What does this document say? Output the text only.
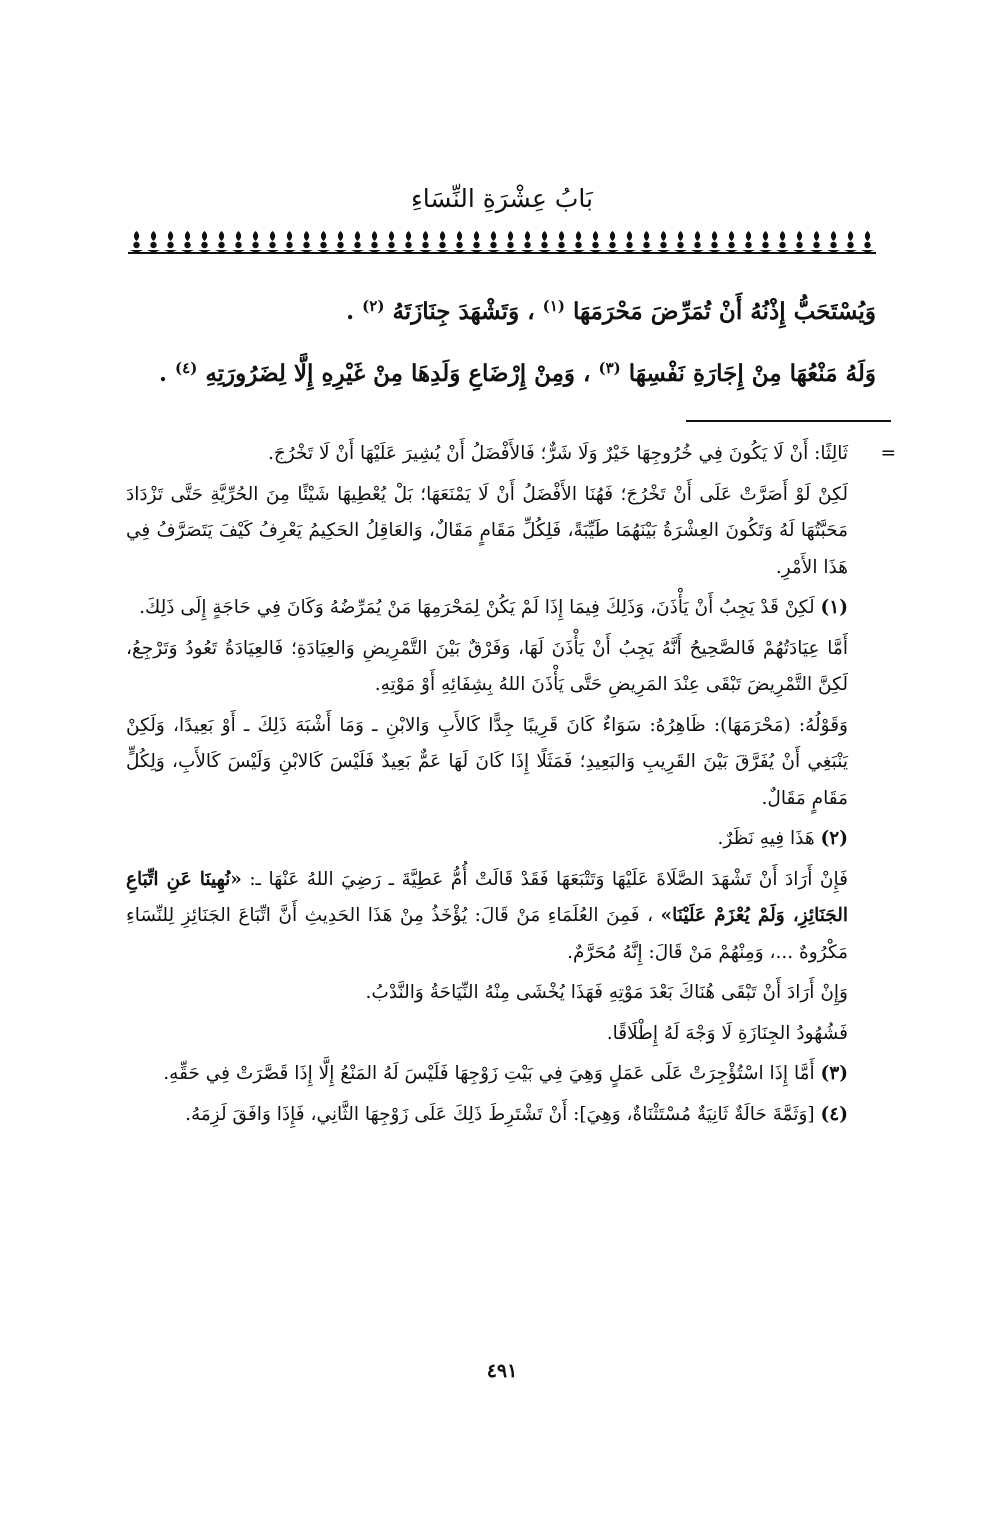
بَابُ عِشْرَةِ النِّسَاءِ
وَيُسْتَحَبُّ إِذْنُهُ أَنْ تُمَرِّضَ مَحْرَمَهَا $^{(١)}$ ، وَتَشْهَدَ جِنَازَتَهُ $^{(٢)}$ .
وَلَهُ مَنْعُهَا مِنْ إِجَارَةِ نَفْسِهَا $^{(٣)}$ ، وَمِنْ إِرْضَاعِ وَلَدِهَا مِنْ غَيْرِهِ إِلَّا لِضَرُورَتِهِ $^{(٤)}$ .

=
ثَالِثًا: أَنْ لَا يَكُونَ فِي خُرُوجِهَا خَيْرٌ وَلَا شَرٌّ؛ فَالأَفْضَلُ أَنْ يُشِيرَ عَلَيْهَا أَنْ لَا تَخْرُجَ.

لَكِنْ لَوْ أَصَرَّتْ عَلَى أَنْ تَخْرُجَ؛ فَهُنَا الأَفْضَلُ أَنْ لَا يَمْنَعَهَا؛ بَلْ يُعْطِيهَا شَيْئًا مِنَ الحُرِّيَّةِ حَتَّى تَزْدَادَ مَحَبَّتُهَا لَهُ وَتَكُونَ العِشْرَةُ بَيْنَهُمَا طَيِّبَةً، فَلِكُلِّ مَقَامٍ مَقَالٌ، وَالعَاقِلُ الحَكِيمُ يَعْرِفُ كَيْفَ يَتَصَرَّفُ فِي هَذَا الأَمْرِ.

(١) لَكِنْ قَدْ يَجِبُ أَنْ يَأْذَنَ، وَذَلِكَ فِيمَا إِذَا لَمْ يَكُنْ لِمَحْرَمِهَا مَنْ يُمَرِّضُهُ وَكَانَ فِي حَاجَةٍ إِلَى ذَلِكَ.

أَمَّا عِيَادَتُهُمْ فَالصَّحِيحُ أَنَّهُ يَجِبُ أَنْ يَأْذَنَ لَهَا، وَفَرْقٌ بَيْنَ التَّمْرِيضِ وَالعِيَادَةِ؛ فَالعِيَادَةُ تَعُودُ وَتَرْجِعُ، لَكِنَّ التَّمْرِيضَ تَبْقَى عِنْدَ المَرِيضِ حَتَّى يَأْذَنَ اللهُ بِشِفَائِهِ أَوْ مَوْتِهِ.

وَقَوْلُهُ: (مَحْرَمَهَا): ظَاهِرُهُ: سَوَاءٌ كَانَ قَرِيبًا جِدًّا كَالأَبِ وَالابْنِ ـ وَمَا أَشْبَهَ ذَلِكَ ـ أَوْ بَعِيدًا، وَلَكِنْ يَنْبَغِي أَنْ يُفَرَّقَ بَيْنَ القَرِيبِ وَالبَعِيدِ؛ فَمَثَلًا إِذَا كَانَ لَهَا عَمٌّ بَعِيدٌ فَلَيْسَ كَالابْنِ وَلَيْسَ كَالأَبِ، وَلِكُلٍّ مَقَامٍ مَقَالٌ.

(٢) هَذَا فِيهِ نَظَرٌ.

فَإِنْ أَرَادَ أَنْ تَشْهَدَ الصَّلَاةَ عَلَيْهَا وَتَتْبَعَهَا فَقَدْ قَالَتْ أُمُّ عَطِيَّةَ ـ رَضِيَ اللهُ عَنْهَا ـ: «نُهِينَا عَنِ اتِّبَاعِ الجَنَائِزِ، وَلَمْ يُعْزَمْ عَلَيْنَا» ، فَمِنَ العُلَمَاءِ مَنْ قَالَ: يُؤْخَذُ مِنْ هَذَا الحَدِيثِ أَنَّ اتِّبَاعَ الجَنَائِزِ لِلنِّسَاءِ مَكْرُوهٌ ...، وَمِنْهُمْ مَنْ قَالَ: إِنَّهُ مُحَرَّمٌ.

وَإِنْ أَرَادَ أَنْ تَبْقَى هُنَاكَ بَعْدَ مَوْتِهِ فَهَذَا يُخْشَى مِنْهُ النِّيَاحَةُ وَالنَّدْبُ.

فَشُهُودُ الجِنَازَةِ لَا وَجْهَ لَهُ إِطْلَاقًا.

(٣) أَمَّا إِذَا اسْتُؤْجِرَتْ عَلَى عَمَلٍ وَهِيَ فِي بَيْتِ زَوْجِهَا فَلَيْسَ لَهُ المَنْعُ إِلَّا إِذَا قَصَّرَتْ فِي حَقِّهِ.

(٤) [وَثَمَّةَ حَالَةٌ ثَانِيَةٌ مُسْتَثْنَاةٌ، وَهِيَ]: أَنْ تَشْتَرِطَ ذَلِكَ عَلَى زَوْجِهَا الثَّانِي، فَإِذَا وَافَقَ لَزِمَهُ.

٤٩١
